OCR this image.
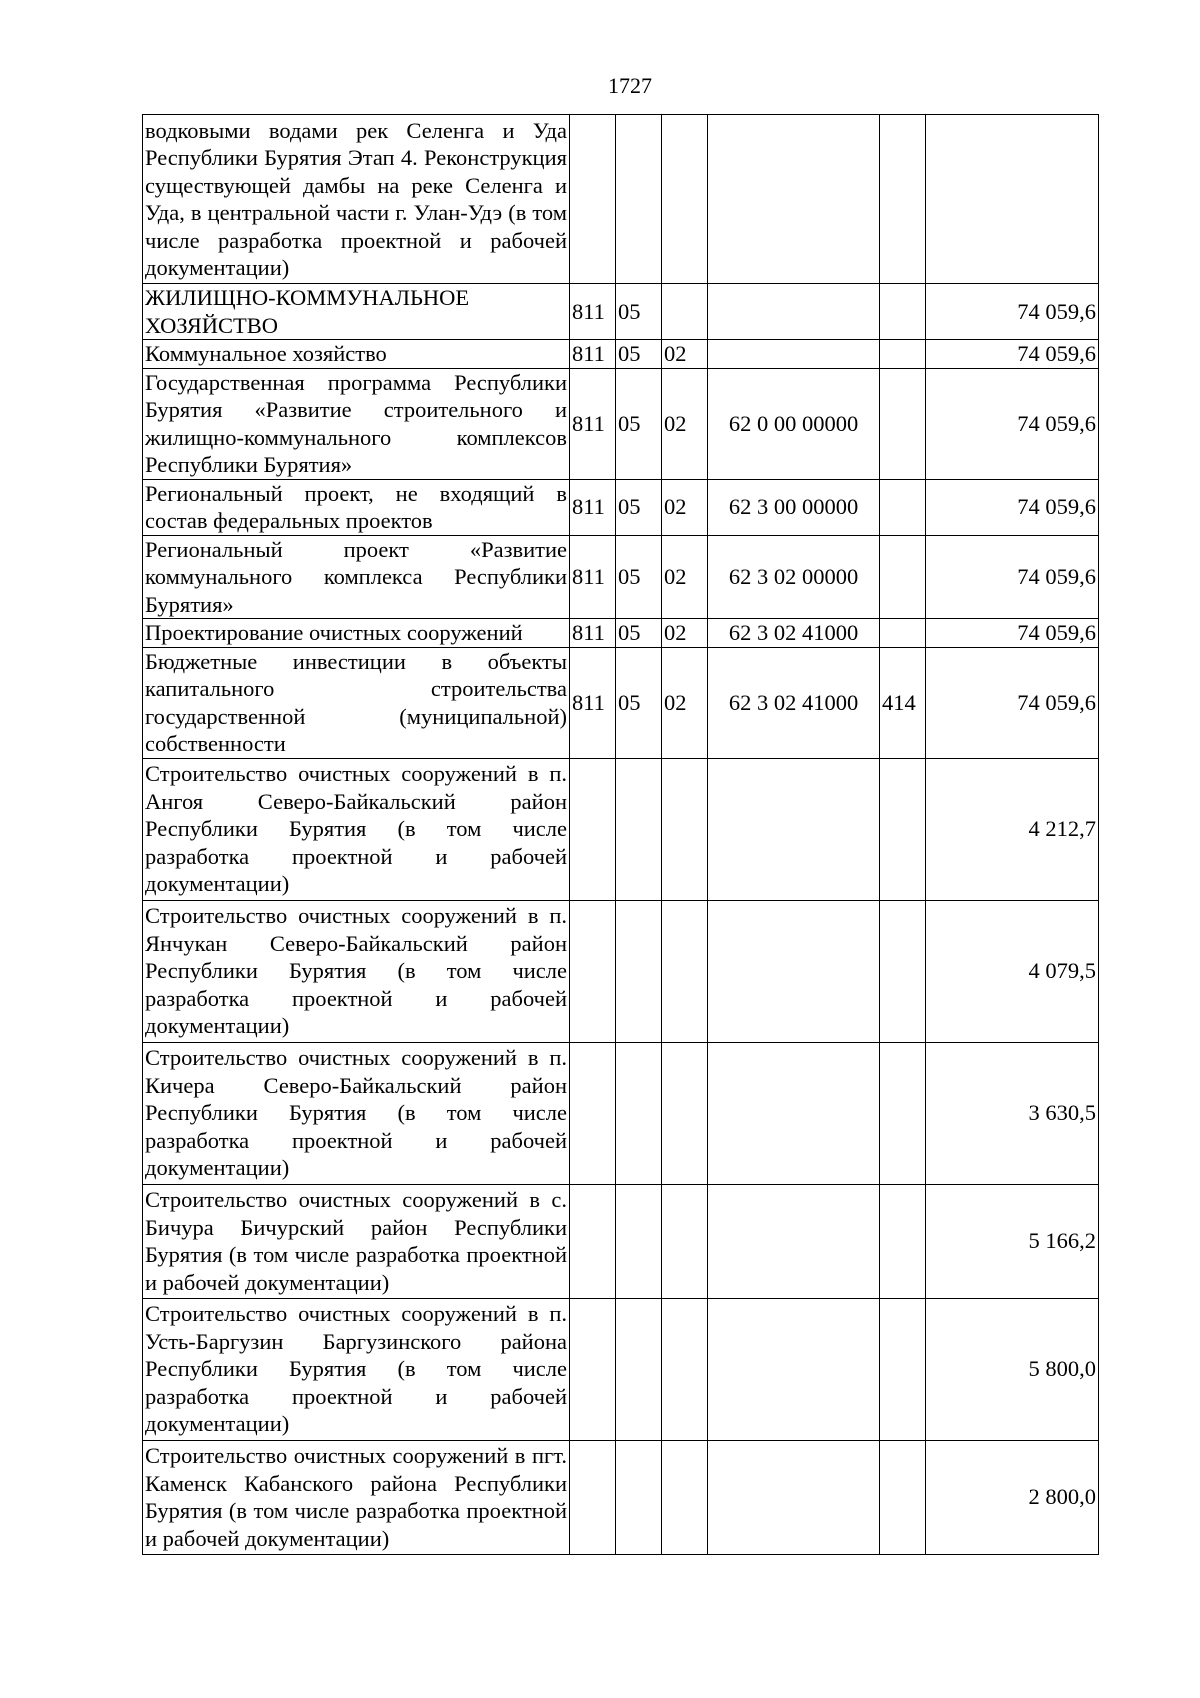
1727
водковыми водами рек Селенга и Уда Республики Бурятия Этап 4. Реконструкция существующей дамбы на реке Селенга и Уда, в центральной части г. Улан-Удэ (в том числе разработка проектной и рабочей документации)						
ЖИЛИЩНО-КОММУНАЛЬНОЕ ХОЗЯЙСТВО	811	05				74 059,6
Коммунальное хозяйство	811	05	02			74 059,6
Государственная программа Республики Бурятия «Развитие строительного и жилищно-коммунального комплексов Республики Бурятия»	811	05	02	62 0 00 00000		74 059,6
Региональный проект, не входящий в состав федеральных проектов	811	05	02	62 3 00 00000		74 059,6
Региональный проект «Развитие коммунального комплекса Республики Бурятия»	811	05	02	62 3 02 00000		74 059,6
Проектирование очистных сооружений	811	05	02	62 3 02 41000		74 059,6
Бюджетные инвестиции в объекты капитального строительства государственной (муниципальной) собственности	811	05	02	62 3 02 41000	414	74 059,6
Строительство очистных сооружений в п. Ангоя Северо-Байкальский район Республики Бурятия (в том числе разработка проектной и рабочей документации)						4 212,7
Строительство очистных сооружений в п. Янчукан Северо-Байкальский район Республики Бурятия (в том числе разработка проектной и рабочей документации)						4 079,5
Строительство очистных сооружений в п. Кичера Северо-Байкальский район Республики Бурятия (в том числе разработка проектной и рабочей документации)						3 630,5
Строительство очистных сооружений в с. Бичура Бичурский район Республики Бурятия (в том числе разработка проектной и рабочей документации)						5 166,2
Строительство очистных сооружений в п. Усть-Баргузин Баргузинского района Республики Бурятия (в том числе разработка проектной и рабочей документации)						5 800,0
Строительство очистных сооружений в пгт. Каменск Кабанского района Республики Бурятия (в том числе разработка проектной и рабочей документации)						2 800,0
